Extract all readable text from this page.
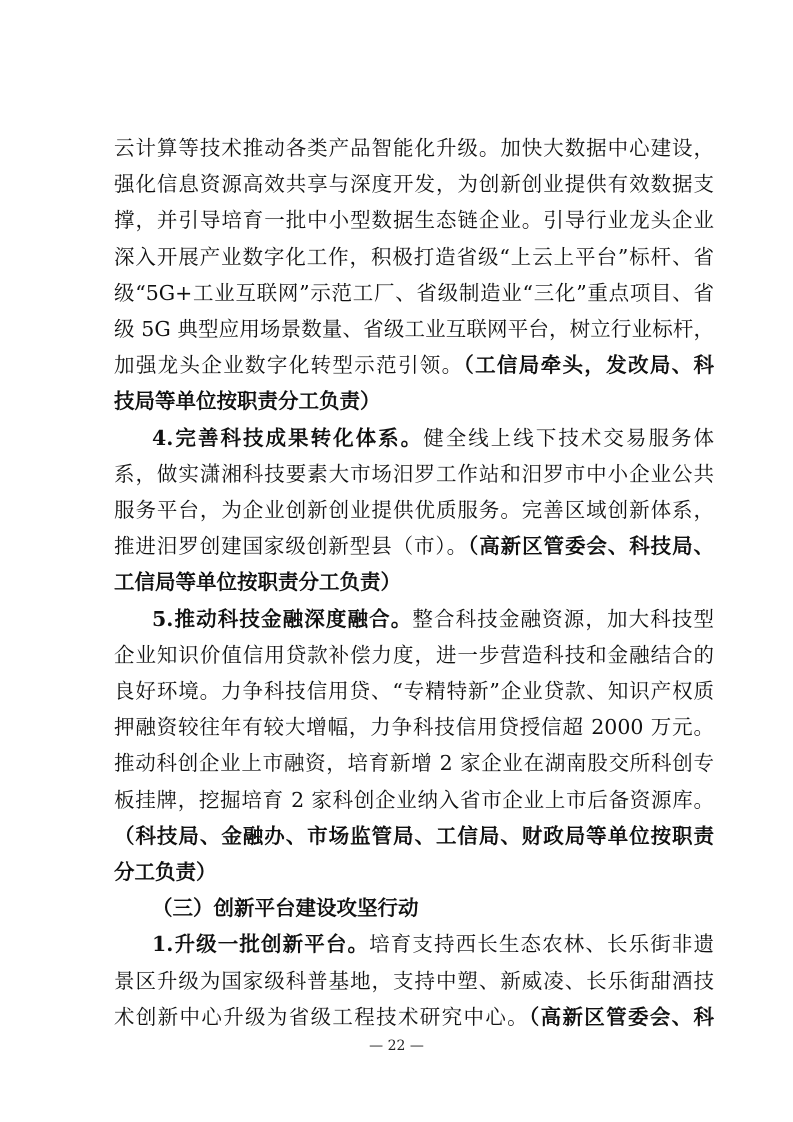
云计算等技术推动各类产品智能化升级。加快大数据中心建设，
强化信息资源高效共享与深度开发，为创新创业提供有效数据支
撑，并引导培育一批中小型数据生态链企业。引导行业龙头企业
深入开展产业数字化工作，积极打造省级“上云上平台”标杆、省
级“5G+工业互联网”示范工厂、省级制造业“三化”重点项目、省
级 5G 典型应用场景数量、省级工业互联网平台，树立行业标杆，
加强龙头企业数字化转型示范引领。（工信局牵头，发改局、科
技局等单位按职责分工负责）
4.完善科技成果转化体系。健全线上线下技术交易服务体
系，做实潇湘科技要素大市场汨罗工作站和汨罗市中小企业公共
服务平台，为企业创新创业提供优质服务。完善区域创新体系，
推进汨罗创建国家级创新型县（市）。（高新区管委会、科技局、
工信局等单位按职责分工负责）
5.推动科技金融深度融合。整合科技金融资源，加大科技型
企业知识价值信用贷款补偿力度，进一步营造科技和金融结合的
良好环境。力争科技信用贷、“专精特新”企业贷款、知识产权质
押融资较往年有较大增幅，力争科技信用贷授信超 2000 万元。
推动科创企业上市融资，培育新增 2 家企业在湖南股交所科创专
板挂牌，挖掘培育 2 家科创企业纳入省市企业上市后备资源库。
（科技局、金融办、市场监管局、工信局、财政局等单位按职责
分工负责）
（三）创新平台建设攻坚行动
1.升级一批创新平台。培育支持西长生态农林、长乐街非遗
景区升级为国家级科普基地，支持中塑、新威凌、长乐街甜酒技
术创新中心升级为省级工程技术研究中心。（高新区管委会、科
— 22 —
